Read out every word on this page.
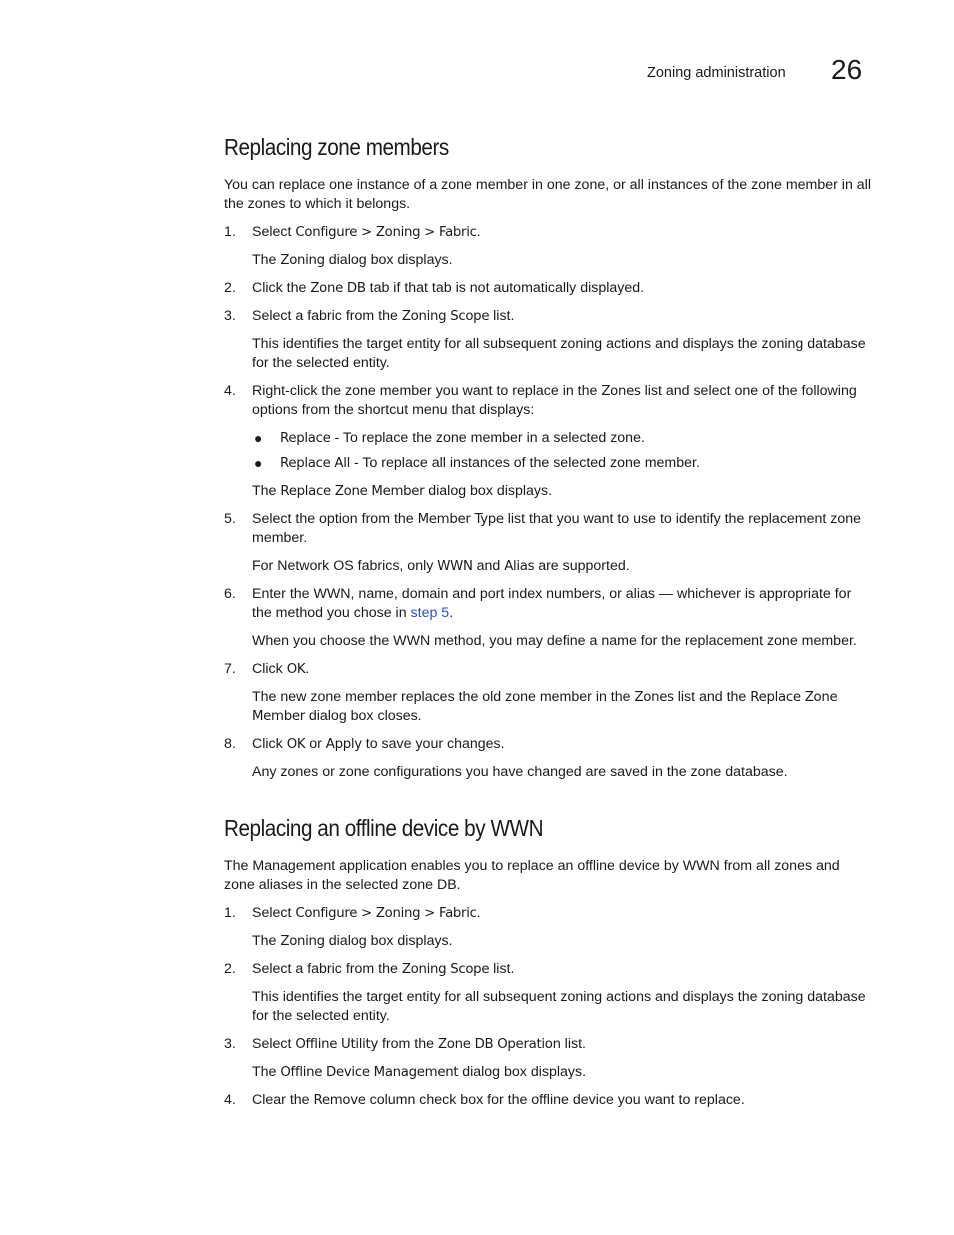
Zoning administration 26
Replacing zone members

You can replace one instance of a zone member in one zone, or all instances of the zone member in all the zones to which it belongs.

1. Select Configure > Zoning > Fabric.
The Zoning dialog box displays.
2. Click the Zone DB tab if that tab is not automatically displayed.
3. Select a fabric from the Zoning Scope list.
This identifies the target entity for all subsequent zoning actions and displays the zoning database for the selected entity.
4. Right-click the zone member you want to replace in the Zones list and select one of the following options from the shortcut menu that displays:
● Replace - To replace the zone member in a selected zone.
● Replace All - To replace all instances of the selected zone member.
The Replace Zone Member dialog box displays.
5. Select the option from the Member Type list that you want to use to identify the replacement zone member.
For Network OS fabrics, only WWN and Alias are supported.
6. Enter the WWN, name, domain and port index numbers, or alias — whichever is appropriate for the method you chose in step 5.
When you choose the WWN method, you may define a name for the replacement zone member.
7. Click OK.
The new zone member replaces the old zone member in the Zones list and the Replace Zone Member dialog box closes.
8. Click OK or Apply to save your changes.
Any zones or zone configurations you have changed are saved in the zone database.
Replacing an offline device by WWN

The Management application enables you to replace an offline device by WWN from all zones and zone aliases in the selected zone DB.

1. Select Configure > Zoning > Fabric.
The Zoning dialog box displays.
2. Select a fabric from the Zoning Scope list.
This identifies the target entity for all subsequent zoning actions and displays the zoning database for the selected entity.
3. Select Offline Utility from the Zone DB Operation list.
The Offline Device Management dialog box displays.
4. Clear the Remove column check box for the offline device you want to replace.
